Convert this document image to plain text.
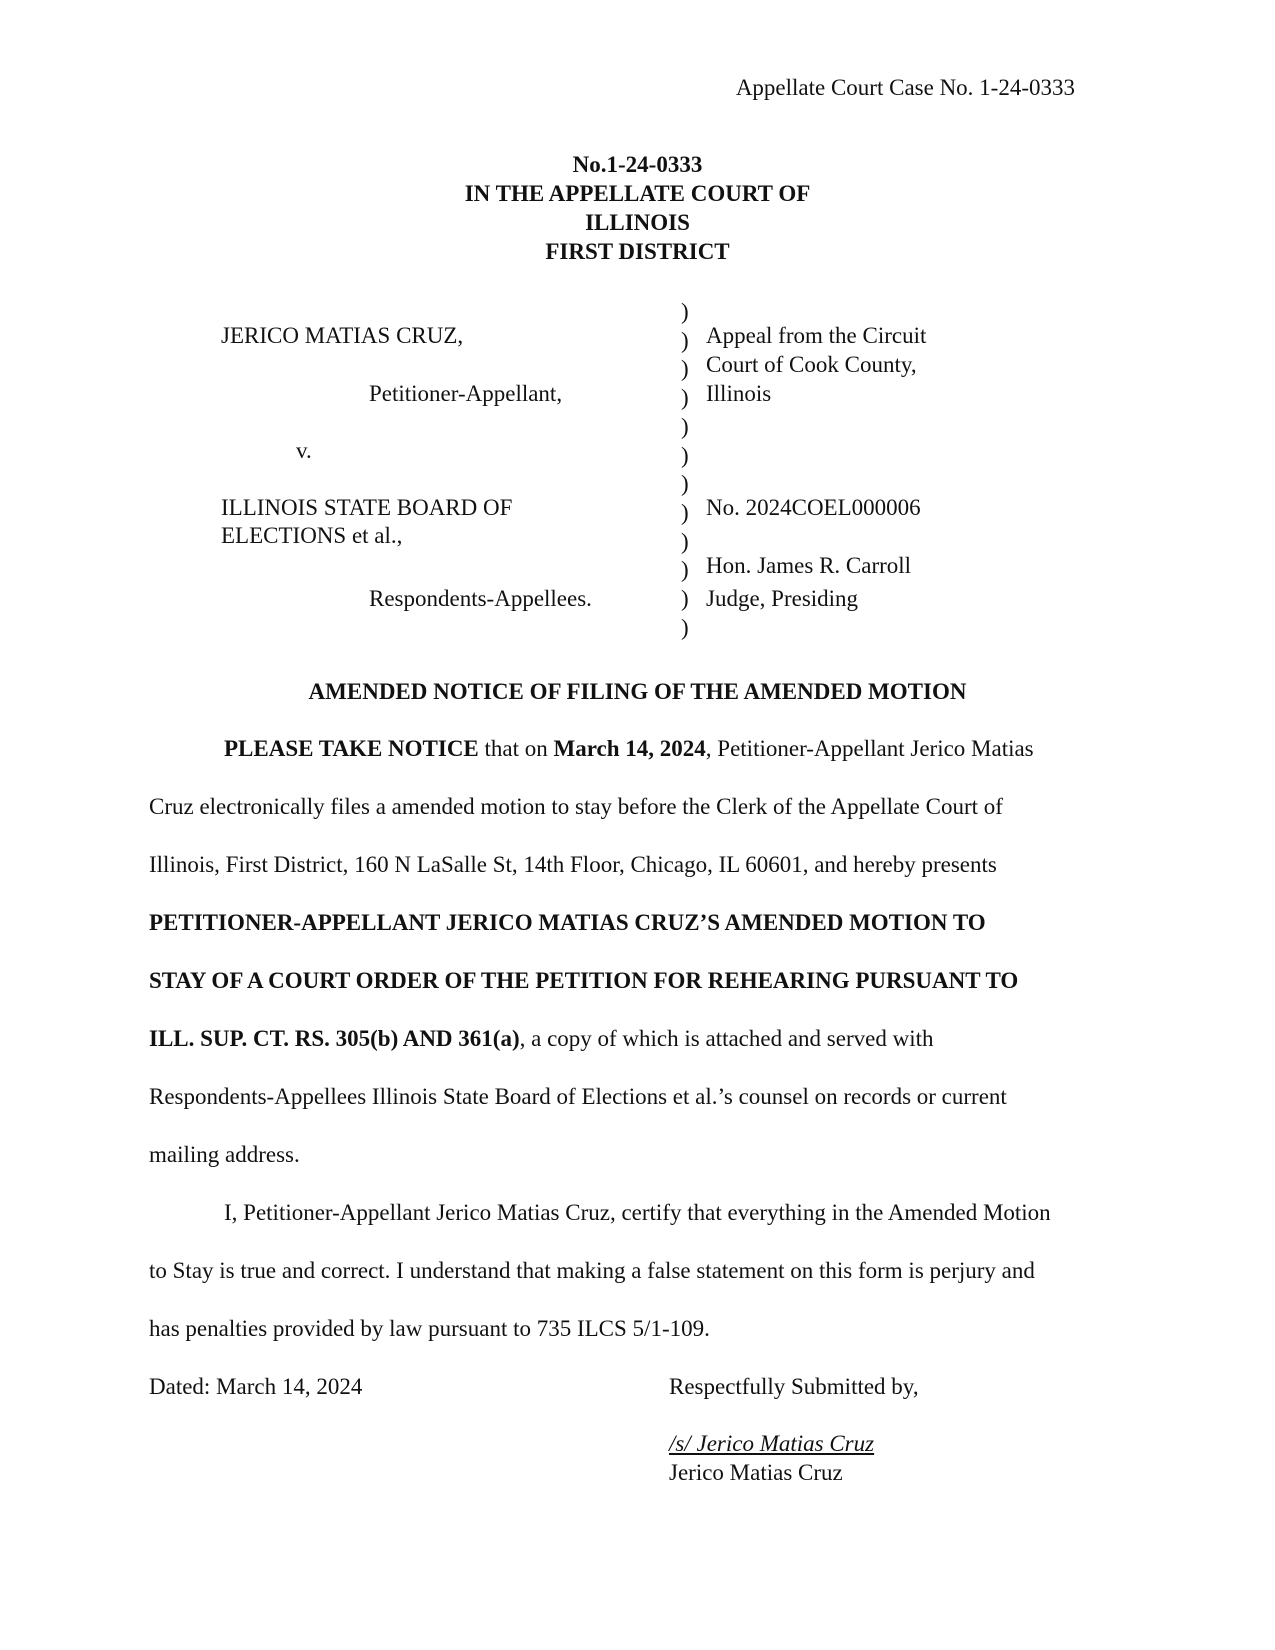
Appellate Court Case No. 1-24-0333
No.1-24-0333
IN THE APPELLATE COURT OF
ILLINOIS
FIRST DISTRICT
JERICO MATIAS CRUZ,
Petitioner-Appellant,
v.
ILLINOIS STATE BOARD OF
ELECTIONS et al.,
Respondents-Appellees.
)
)
)
)
)
)
)
)
)
)
)
)
Appeal from the Circuit
Court of Cook County,
Illinois
No. 2024COEL000006
Hon. James R. Carroll
Judge, Presiding
AMENDED NOTICE OF FILING OF THE AMENDED MOTION
PLEASE TAKE NOTICE that on March 14, 2024, Petitioner-Appellant Jerico Matias
Cruz electronically files a amended motion to stay before the Clerk of the Appellate Court of
Illinois, First District, 160 N LaSalle St, 14th Floor, Chicago, IL 60601, and hereby presents
PETITIONER-APPELLANT JERICO MATIAS CRUZ’S AMENDED MOTION TO
STAY OF A COURT ORDER OF THE PETITION FOR REHEARING PURSUANT TO
ILL. SUP. CT. RS. 305(b) AND 361(a), a copy of which is attached and served with
Respondents-Appellees Illinois State Board of Elections et al.’s counsel on records or current
mailing address.
I, Petitioner-Appellant Jerico Matias Cruz, certify that everything in the Amended Motion
to Stay is true and correct. I understand that making a false statement on this form is perjury and
has penalties provided by law pursuant to 735 ILCS 5/1-109.
Dated: March 14, 2024	Respectfully Submitted by,
/s/ Jerico Matias Cruz
Jerico Matias Cruz
